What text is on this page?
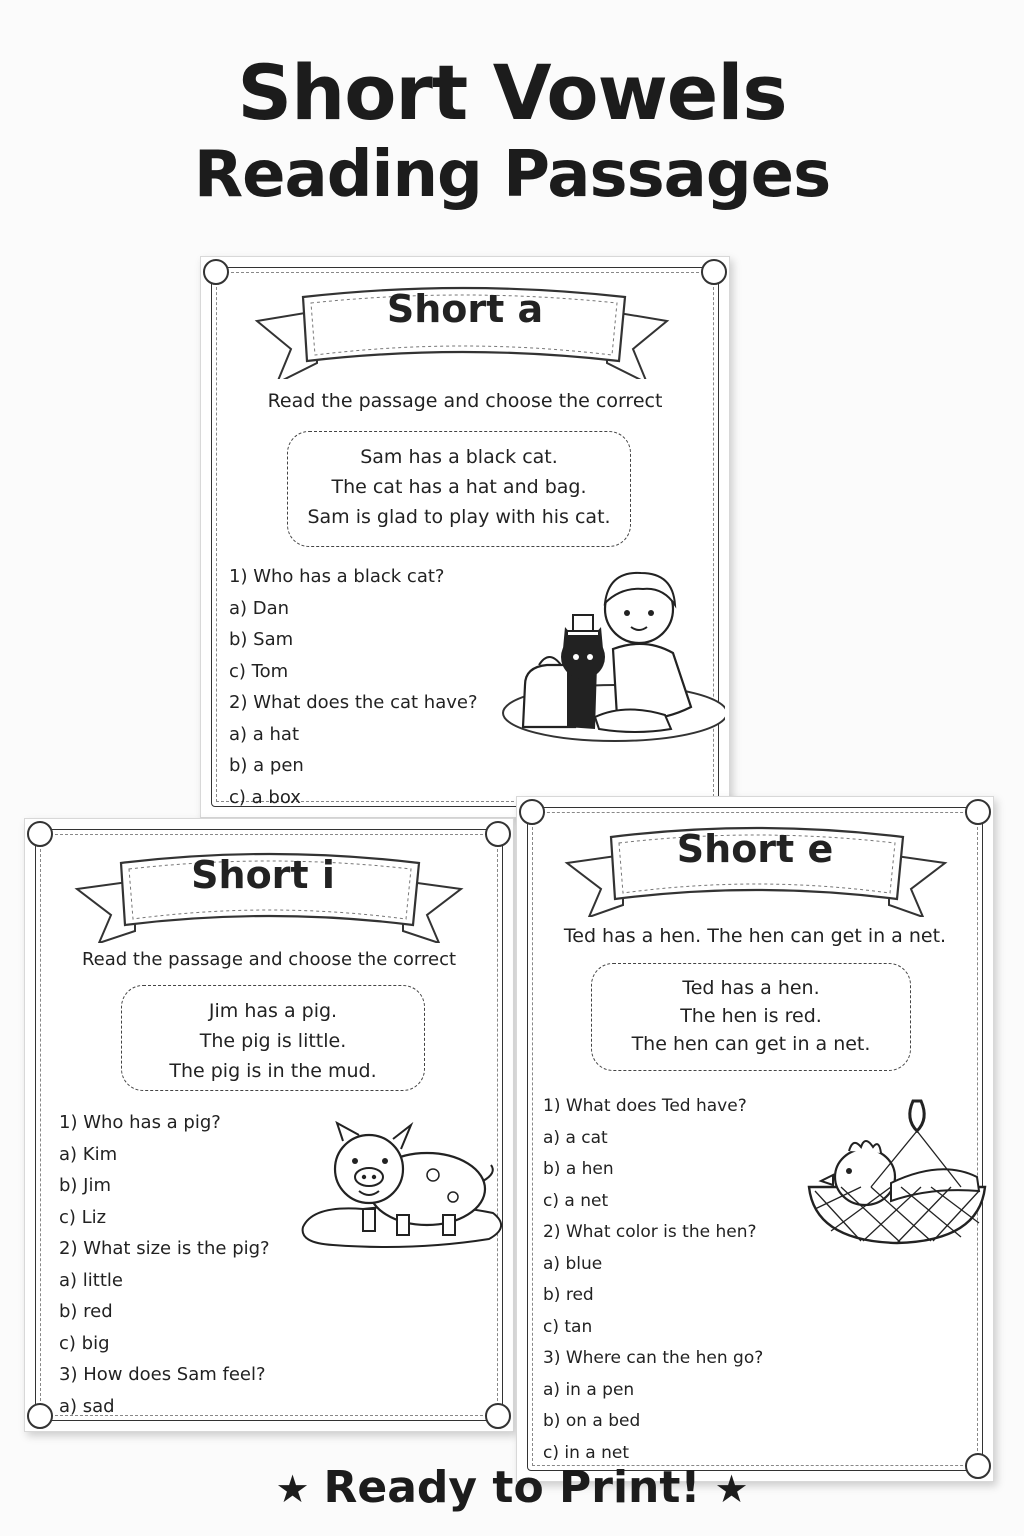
Short Vowels
Reading Passages
Short a
Read the passage and choose the correct
Sam has a black cat.
The cat has a hat and bag.
Sam is glad to play with his cat.
1) Who has a black cat?
a) Dan
b) Sam
c) Tom
2) What does the cat have?
a) a hat
b) a pen
c) a box
Short i
Read the passage and choose the correct
Jim has a pig.
The pig is little.
The pig is in the mud.
1) Who has a pig?
a) Kim
b) Jim
c) Liz
2) What size is the pig?
a) little
b) red
c) big
3) How does Sam feel?
a) sad
Short e
Ted has a hen. The hen can get in a net.
Ted has a hen.
The hen is red.
The hen can get in a net.
1) What does Ted have?
a) a cat
b) a hen
c) a net
2) What color is the hen?
a) blue
b) red
c) tan
3) Where can the hen go?
a) in a pen
b) on a bed
c) in a net
★ Ready to Print! ★
